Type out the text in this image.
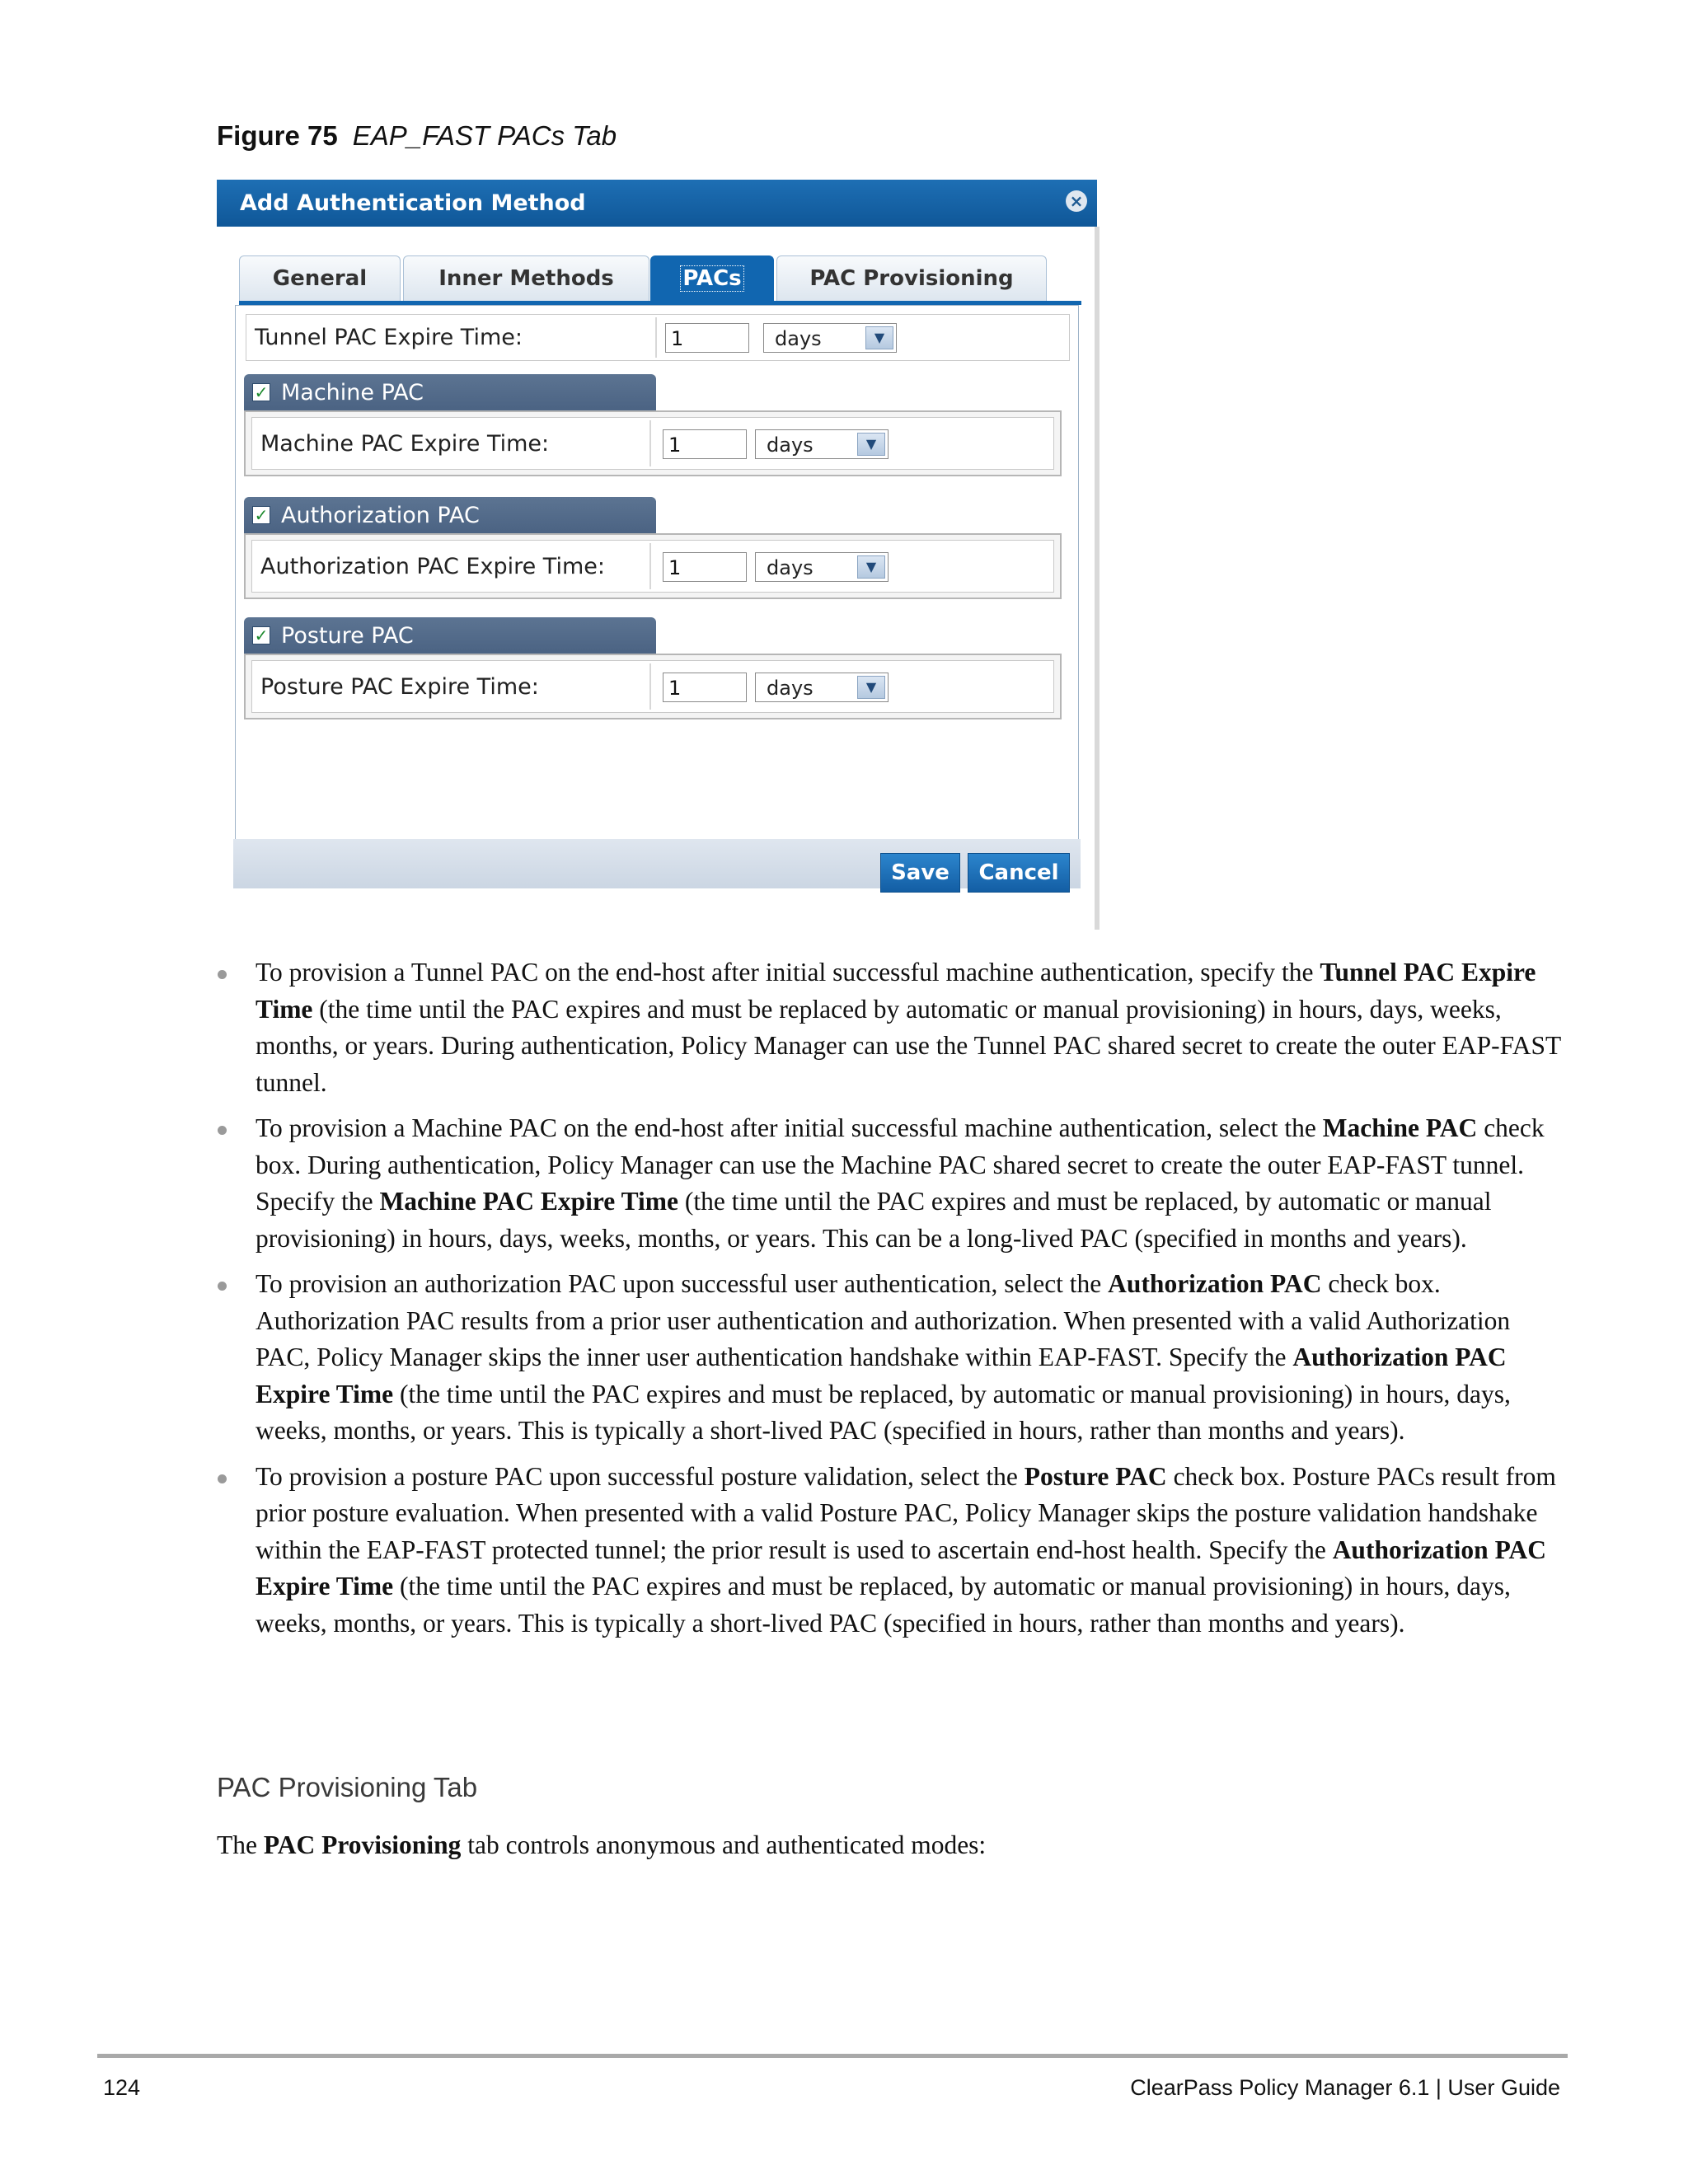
Figure 75 EAP_FAST PACs Tab
Add Authentication Method	×
General	Inner Methods	PACs	PAC Provisioning
Tunnel PAC Expire Time:	1	days	▼
✓ Machine PAC
Machine PAC Expire Time:	1	days	▼
✓ Authorization PAC
Authorization PAC Expire Time:	1	days	▼
✓ Posture PAC
Posture PAC Expire Time:	1	days	▼
Save	Cancel
To provision a Tunnel PAC on the end-host after initial successful machine authentication, specify the Tunnel PAC Expire Time (the time until the PAC expires and must be replaced by automatic or manual provisioning) in hours, days, weeks, months, or years. During authentication, Policy Manager can use the Tunnel PAC shared secret to create the outer EAP-FAST tunnel.
To provision a Machine PAC on the end-host after initial successful machine authentication, select the Machine PAC check box. During authentication, Policy Manager can use the Machine PAC shared secret to create the outer EAP-FAST tunnel. Specify the Machine PAC Expire Time (the time until the PAC expires and must be replaced, by automatic or manual provisioning) in hours, days, weeks, months, or years. This can be a long-lived PAC (specified in months and years).
To provision an authorization PAC upon successful user authentication, select the Authorization PAC check box. Authorization PAC results from a prior user authentication and authorization. When presented with a valid Authorization PAC, Policy Manager skips the inner user authentication handshake within EAP-FAST. Specify the Authorization PAC Expire Time (the time until the PAC expires and must be replaced, by automatic or manual provisioning) in hours, days, weeks, months, or years. This is typically a short-lived PAC (specified in hours, rather than months and years).
To provision a posture PAC upon successful posture validation, select the Posture PAC check box. Posture PACs result from prior posture evaluation. When presented with a valid Posture PAC, Policy Manager skips the posture validation handshake within the EAP-FAST protected tunnel; the prior result is used to ascertain end-host health. Specify the Authorization PAC Expire Time (the time until the PAC expires and must be replaced, by automatic or manual provisioning) in hours, days, weeks, months, or years. This is typically a short-lived PAC (specified in hours, rather than months and years).
PAC Provisioning Tab
The PAC Provisioning tab controls anonymous and authenticated modes:
124	ClearPass Policy Manager 6.1 | User Guide
